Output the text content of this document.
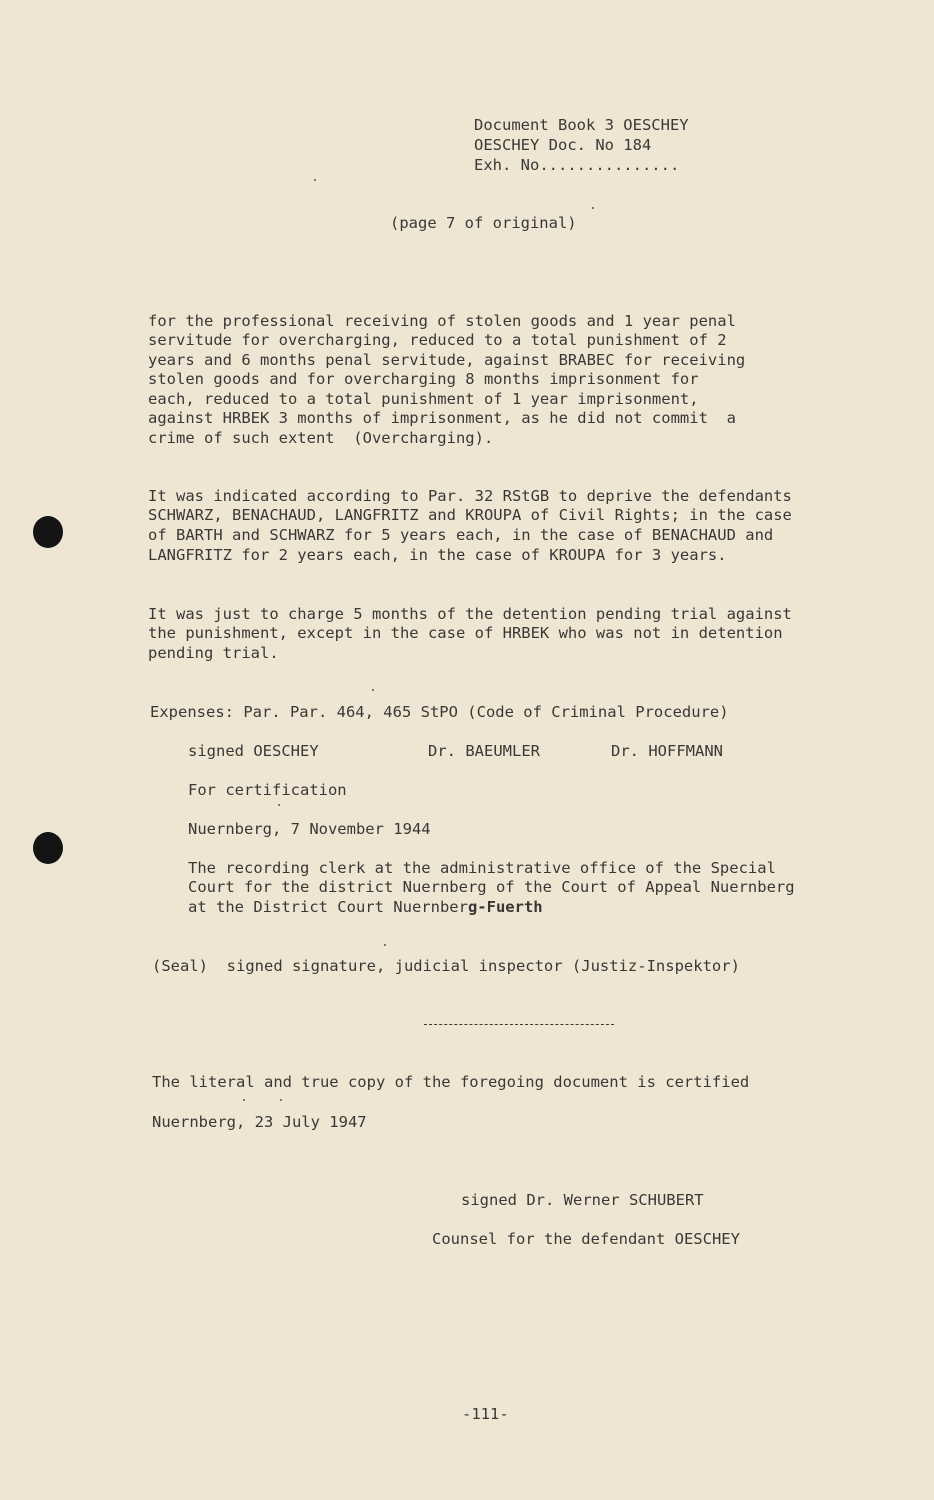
Document Book 3 OESCHEY
OESCHEY Doc. No 184
Exh. No...............
(page 7 of original)
for the professional receiving of stolen goods and 1 year penal
servitude for overcharging, reduced to a total punishment of 2
years and 6 months penal servitude, against BRABEC for receiving
stolen goods and for overcharging 8 months imprisonment for
each, reduced to a total punishment of 1 year imprisonment,
against HRBEK 3 months of imprisonment, as he did not commit  a
crime of such extent  (Overcharging).
It was indicated according to Par. 32 RStGB to deprive the defendants
SCHWARZ, BENACHAUD, LANGFRITZ and KROUPA of Civil Rights; in the case
of BARTH and SCHWARZ for 5 years each, in the case of BENACHAUD and
LANGFRITZ for 2 years each, in the case of KROUPA for 3 years.
It was just to charge 5 months of the detention pending trial against
the punishment, except in the case of HRBEK who was not in detention
pending trial.
Expenses: Par. Par. 464, 465 StPO (Code of Criminal Procedure)
signed OESCHEY	Dr. BAEUMLER	Dr. HOFFMANN
For certification
Nuernberg, 7 November 1944
The recording clerk at the administrative office of the Special
Court for the district Nuernberg of the Court of Appeal Nuernberg
at the District Court Nuernberg-Fuerth
(Seal)  signed signature, judicial inspector (Justiz-Inspektor)
The literal and true copy of the foregoing document is certified
Nuernberg, 23 July 1947
signed Dr. Werner SCHUBERT
Counsel for the defendant OESCHEY
-111-
